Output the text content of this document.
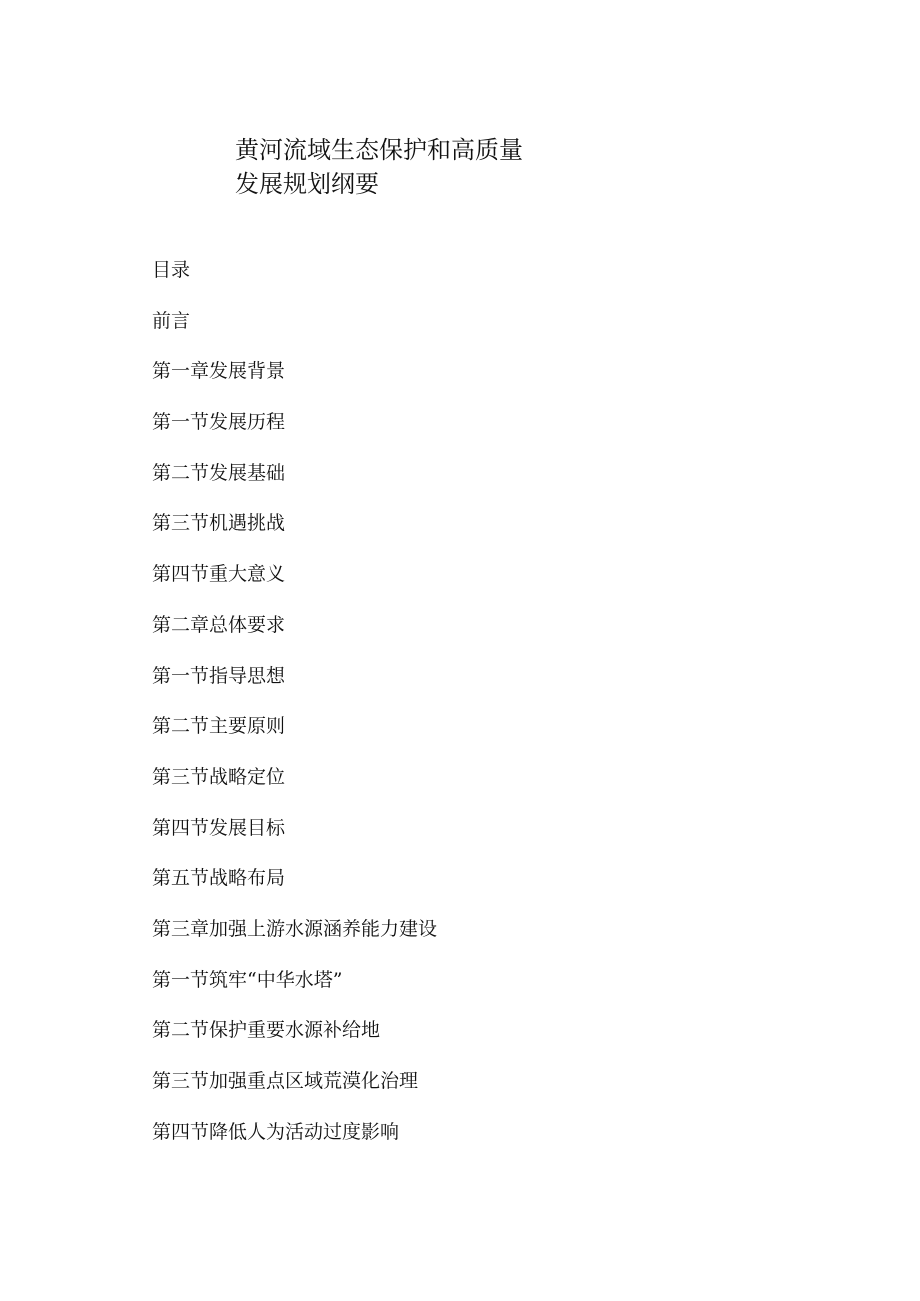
黄河流域生态保护和高质量
发展规划纲要
目录
前言
第一章发展背景
第一节发展历程
第二节发展基础
第三节机遇挑战
第四节重大意义
第二章总体要求
第一节指导思想
第二节主要原则
第三节战略定位
第四节发展目标
第五节战略布局
第三章加强上游水源涵养能力建设
第一节筑牢“中华水塔”
第二节保护重要水源补给地
第三节加强重点区域荒漠化治理
第四节降低人为活动过度影响
